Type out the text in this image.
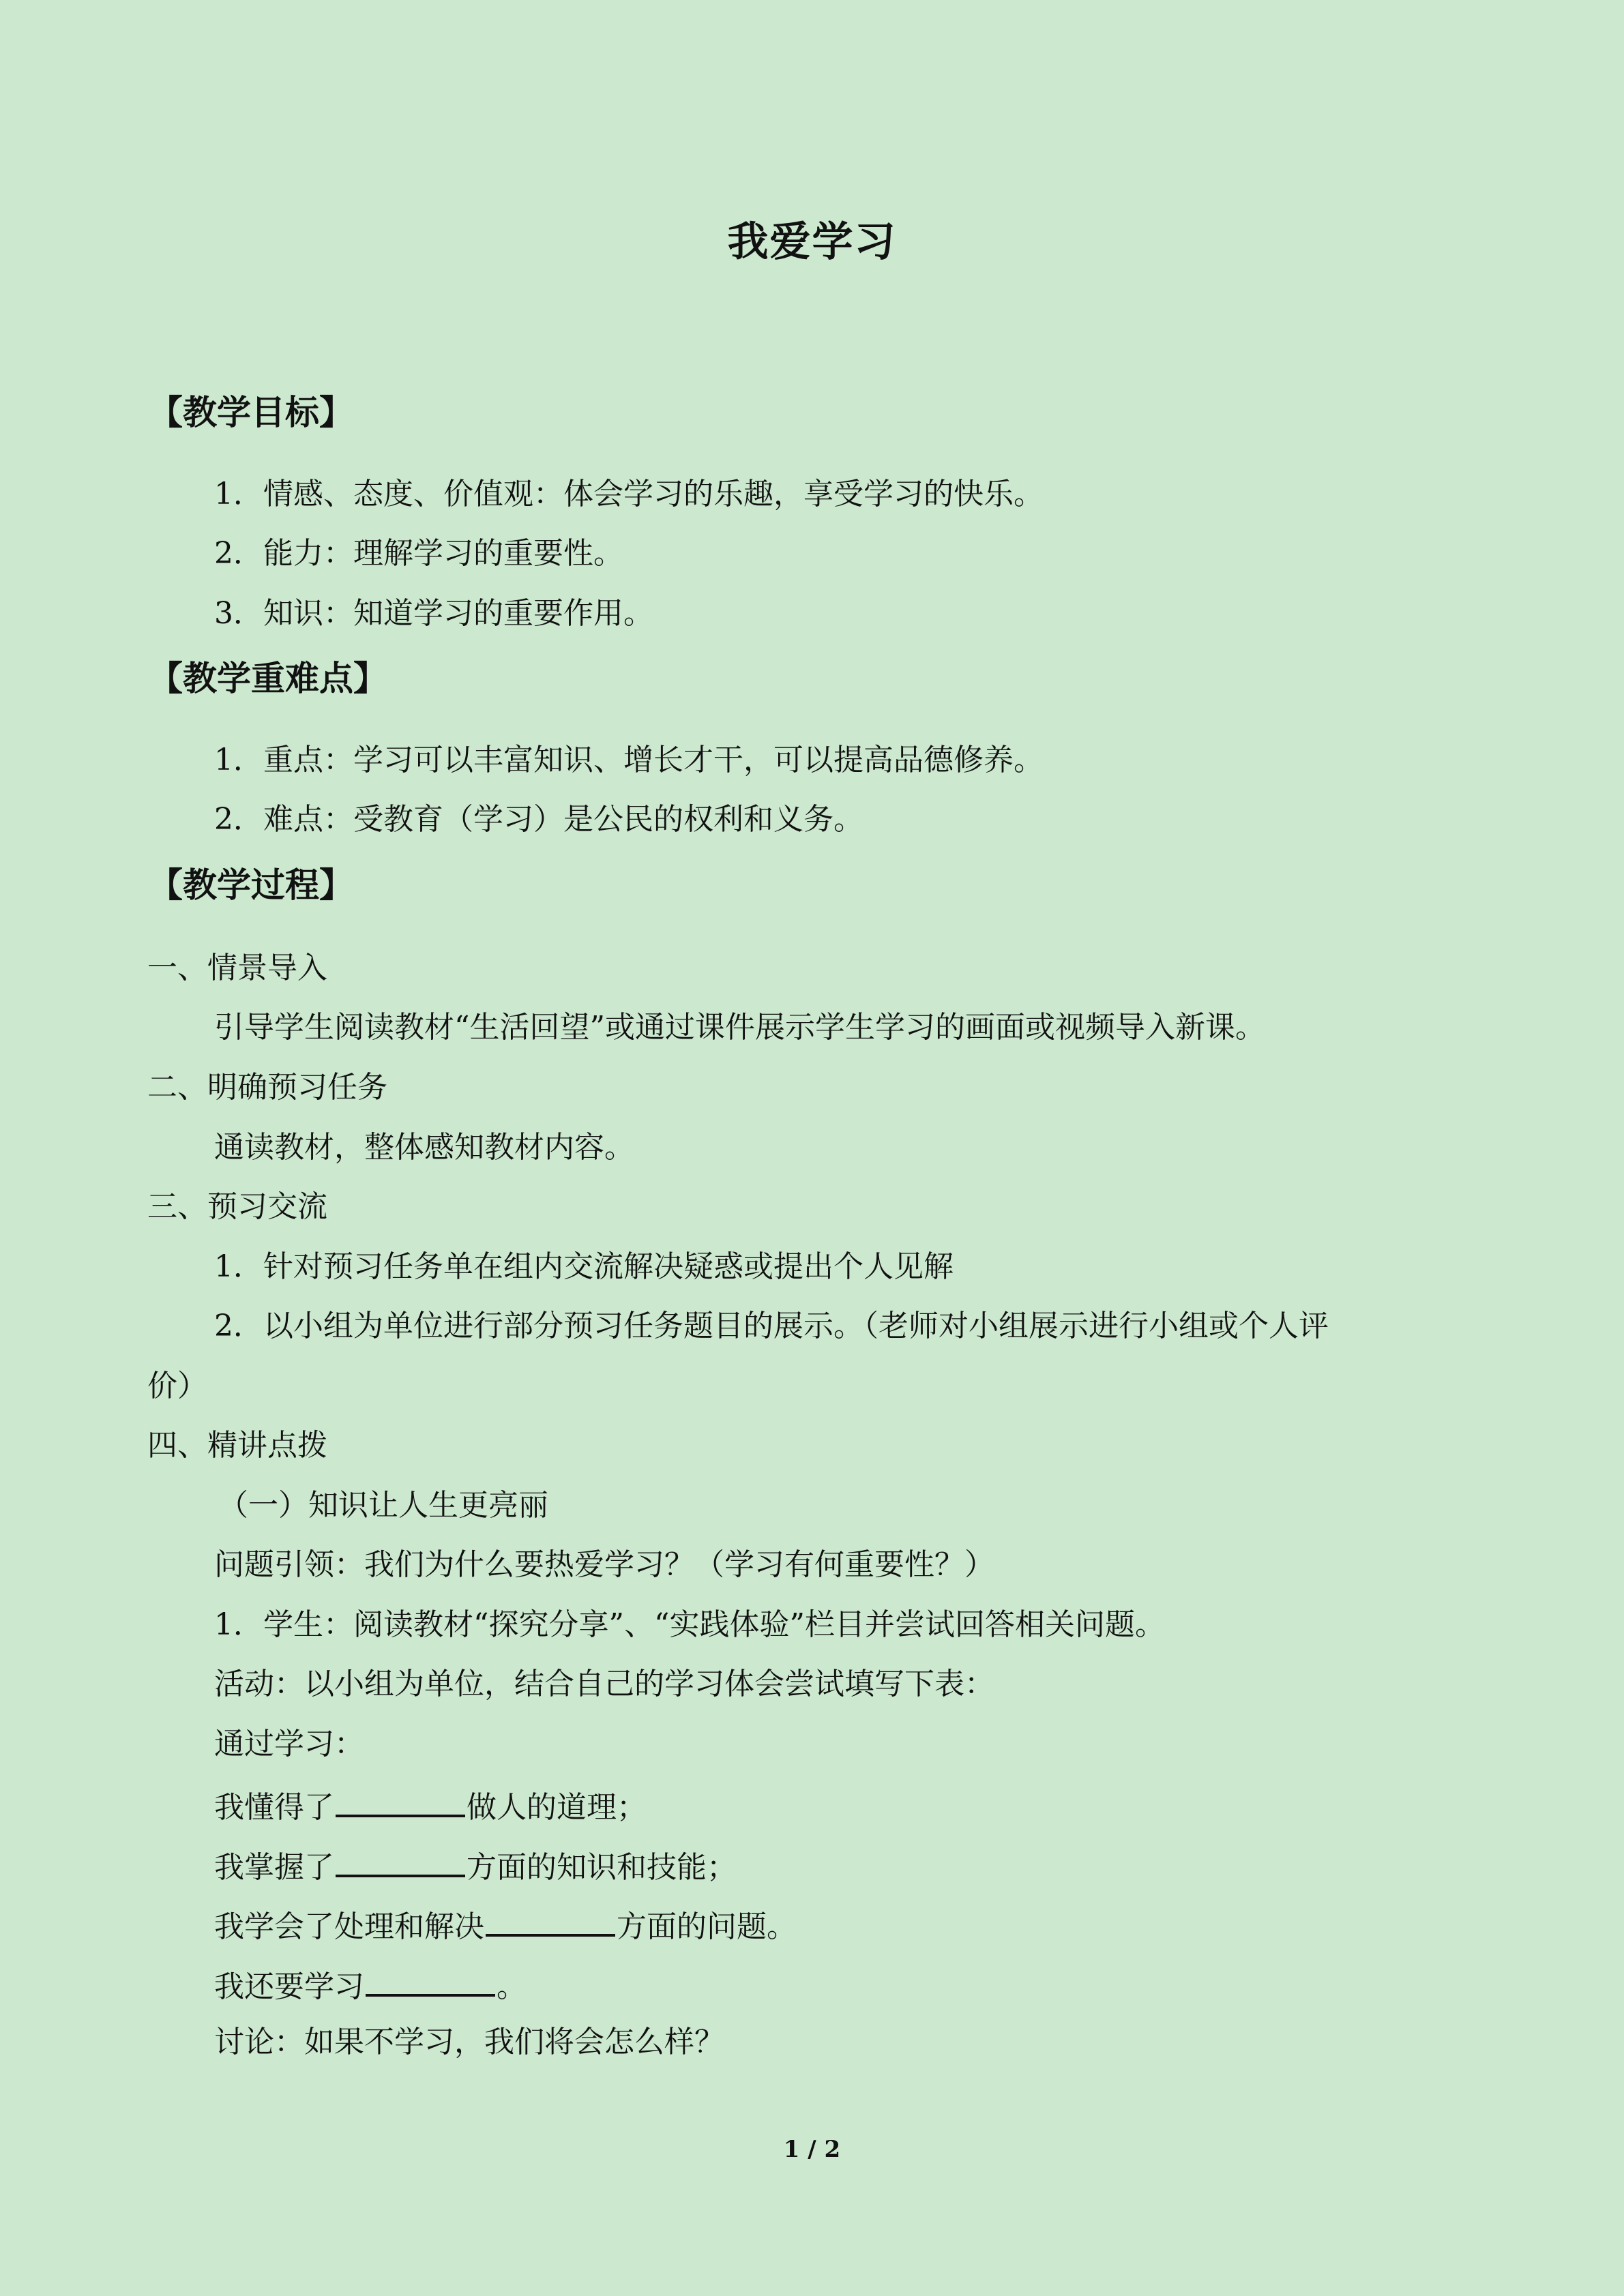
我爱学习
【教学目标】
1．情感、态度、价值观：体会学习的乐趣，享受学习的快乐。
2．能力：理解学习的重要性。
3．知识：知道学习的重要作用。
【教学重难点】
1．重点：学习可以丰富知识、增长才干，可以提高品德修养。
2．难点：受教育（学习）是公民的权利和义务。
【教学过程】
一、情景导入
引导学生阅读教材“生活回望”或通过课件展示学生学习的画面或视频导入新课。
二、明确预习任务
通读教材，整体感知教材内容。
三、预习交流
1．针对预习任务单在组内交流解决疑惑或提出个人见解
2．以小组为单位进行部分预习任务题目的展示。（老师对小组展示进行小组或个人评
价）
四、精讲点拨
（一）知识让人生更亮丽
问题引领：我们为什么要热爱学习？（学习有何重要性？）
1．学生：阅读教材“探究分享”、“实践体验”栏目并尝试回答相关问题。
活动：以小组为单位，结合自己的学习体会尝试填写下表：
通过学习：
我懂得了	做人的道理；
我掌握了	方面的知识和技能；
我学会了处理和解决	方面的问题。
我还要学习	。
讨论：如果不学习，我们将会怎么样？
1 / 2
